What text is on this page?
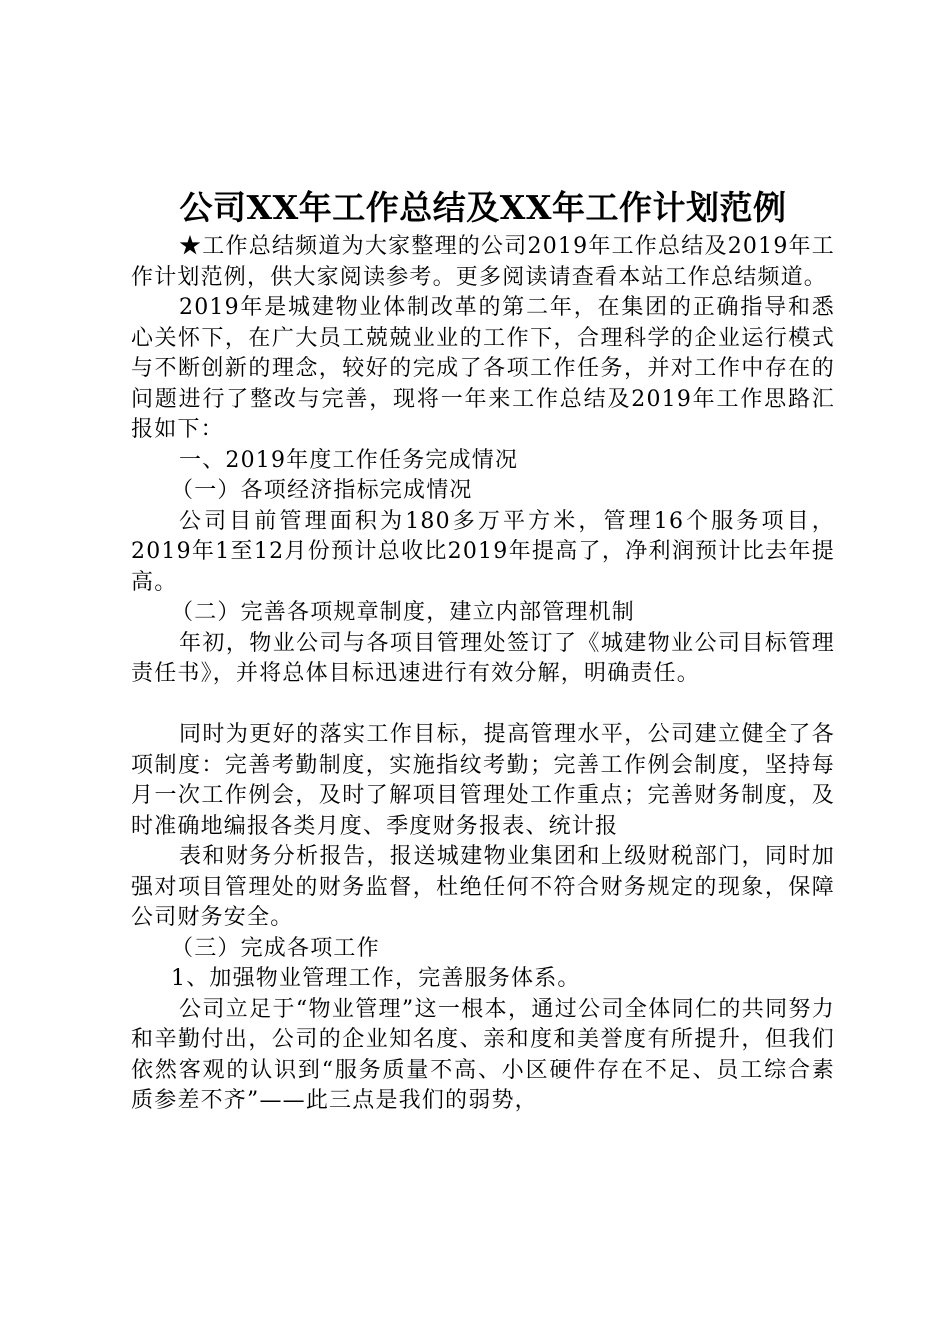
公司XX年工作总结及XX年工作计划范例

★工作总结频道为大家整理的公司2019年工作总结及2019年工作计划范例，供大家阅读参考。更多阅读请查看本站工作总结频道。

2019年是城建物业体制改革的第二年，在集团的正确指导和悉心关怀下，在广大员工兢兢业业的工作下，合理科学的企业运行模式与不断创新的理念，较好的完成了各项工作任务，并对工作中存在的问题进行了整改与完善，现将一年来工作总结及2019年工作思路汇报如下：

一、2019年度工作任务完成情况

（一）各项经济指标完成情况

公司目前管理面积为180多万平方米，管理16个服务项目，2019年1至12月份预计总收比2019年提高了，净利润预计比去年提高。

（二）完善各项规章制度，建立内部管理机制

年初，物业公司与各项目管理处签订了《城建物业公司目标管理责任书》，并将总体目标迅速进行有效分解，明确责任。

同时为更好的落实工作目标，提高管理水平，公司建立健全了各项制度：完善考勤制度，实施指纹考勤；完善工作例会制度，坚持每月一次工作例会，及时了解项目管理处工作重点；完善财务制度，及时准确地编报各类月度、季度财务报表、统计报

表和财务分析报告，报送城建物业集团和上级财税部门，同时加强对项目管理处的财务监督，杜绝任何不符合财务规定的现象，保障公司财务安全。

（三）完成各项工作

1、加强物业管理工作，完善服务体系。

公司立足于“物业管理”这一根本，通过公司全体同仁的共同努力和辛勤付出，公司的企业知名度、亲和度和美誉度有所提升，但我们依然客观的认识到“服务质量不高、小区硬件存在不足、员工综合素质参差不齐”——此三点是我们的弱势，
